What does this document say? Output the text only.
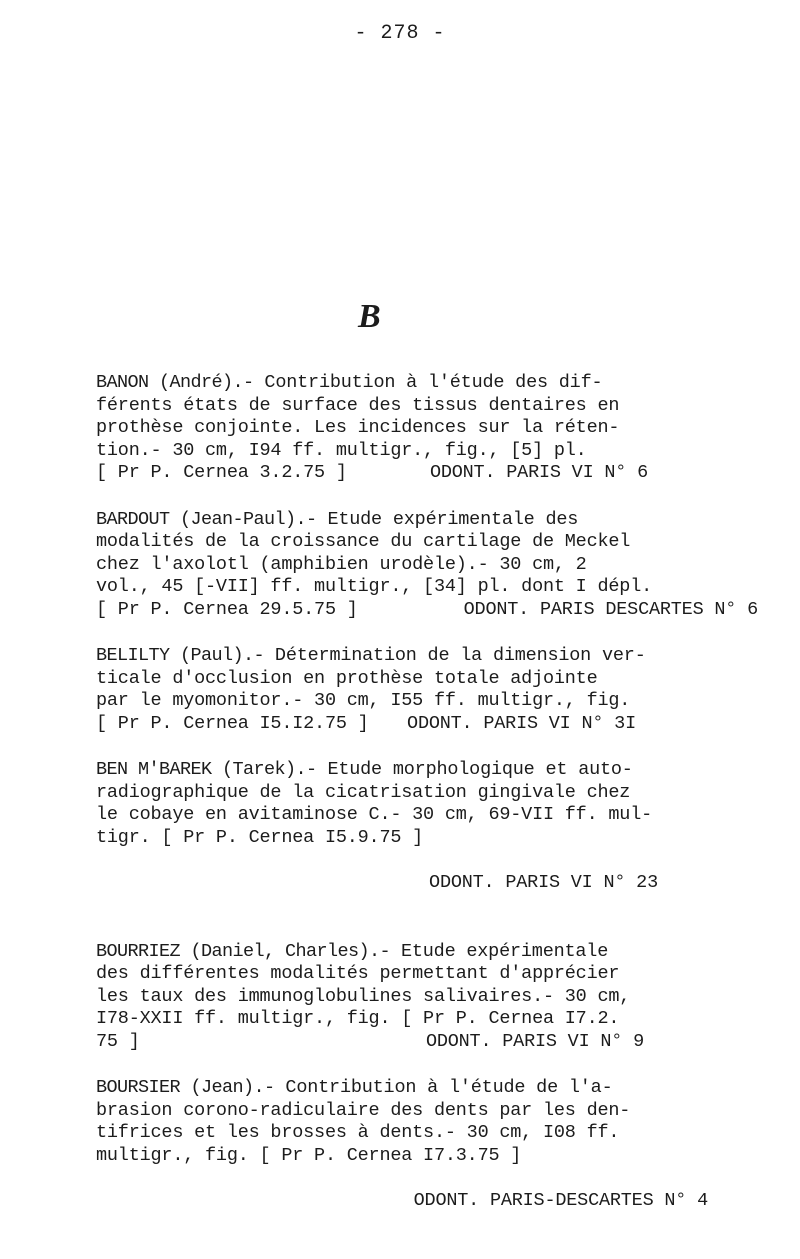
- 278 -
B
BANON (André).- Contribution à l'étude des dif-
férents états de surface des tissus dentaires en
prothèse conjointe. Les incidences sur la réten-
tion.- 30 cm, I94 ff. multigr., fig., [5] pl.
[ Pr P. Cernea 3.2.75 ]	ODONT. PARIS VI N° 6
BARDOUT (Jean-Paul).- Etude expérimentale des
modalités de la croissance du cartilage de Meckel
chez l'axolotl (amphibien urodèle).- 30 cm, 2
vol., 45 [-VII] ff. multigr., [34] pl. dont I dépl.
[ Pr P. Cernea 29.5.75 ]	ODONT. PARIS DESCARTES N° 6
BELILTY (Paul).- Détermination de la dimension ver-
ticale d'occlusion en prothèse totale adjointe
par le myomonitor.- 30 cm, I55 ff. multigr., fig.
[ Pr P. Cernea I5.I2.75 ] ODONT. PARIS VI N° 3I
BEN M'BAREK (Tarek).- Etude morphologique et auto-
radiographique de la cicatrisation gingivale chez
le cobaye en avitaminose C.- 30 cm, 69-VII ff. mul-
tigr. [ Pr P. Cernea I5.9.75 ]

ODONT. PARIS VI N° 23

BOURRIEZ (Daniel, Charles).- Etude expérimentale
des différentes modalités permettant d'apprécier
les taux des immunoglobulines salivaires.- 30 cm,
I78-XXII ff. multigr., fig. [ Pr P. Cernea I7.2.
75 ]	ODONT. PARIS VI N° 9
BOURSIER (Jean).- Contribution à l'étude de l'a-
brasion corono-radiculaire des dents par les den-
tifrices et les brosses à dents.- 30 cm, I08 ff.
multigr., fig. [ Pr P. Cernea I7.3.75 ]

ODONT. PARIS-DESCARTES N° 4
